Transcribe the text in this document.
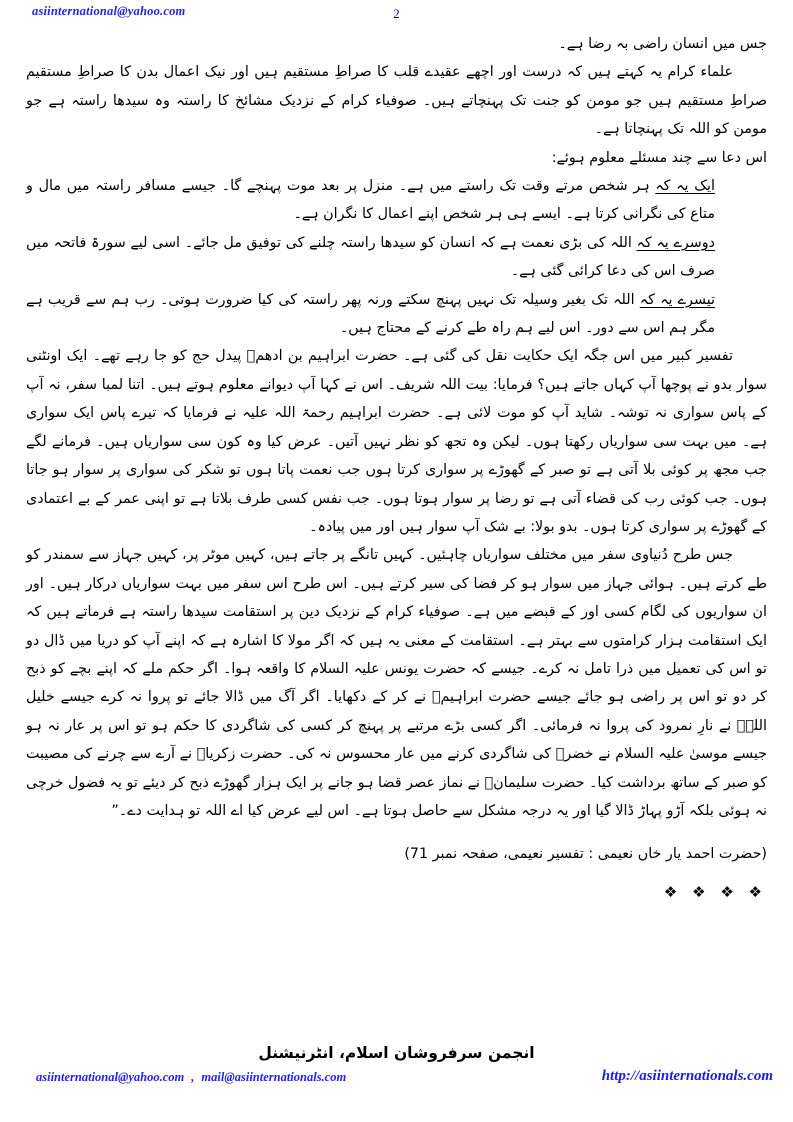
asiinternational@yahoo.com	2

جس میں انسان راضی بہ رضا ہے۔

علماء کرام یہ کہتے ہیں کہ درست اور اچھے عقیدے قلب کا صراطِ مستقیم ہیں اور نیک اعمال بدن کا صراطِ مستقیم صراطِ مستقیم ہیں جو مومن کو جنت تک پہنچاتے ہیں۔ صوفیاء کرام کے نزدیک مشائخ کا راستہ وہ سیدھا راستہ ہے جو مومن کو اللہ تک پہنچاتا ہے۔

اس دعا سے چند مسئلے معلوم ہوئے:

ایک یہ کہ ہر شخص مرتے وقت تک راستے میں ہے۔ منزل پر بعد موت پہنچے گا۔ جیسے مسافر راستہ میں مال و متاع کی نگرانی کرتا ہے۔ ایسے ہی ہر شخص اپنے اعمال کا نگران ہے۔

دوسرے یہ کہ اللہ کی بڑی نعمت ہے کہ انسان کو سیدھا راستہ چلنے کی توفیق مل جائے۔ اسی لیے سورۃ فاتحہ میں صرف اس کی دعا کرائی گئی ہے۔

تیسرے یہ کہ اللہ تک بغیر وسیلہ تک نہیں پہنچ سکتے ورنہ پھر راستہ کی کیا ضرورت ہوتی۔ رب ہم سے قریب ہے مگر ہم اس سے دور۔ اس لیے ہم راہ طے کرنے کے محتاج ہیں۔

تفسیر کبیر میں اس جگہ ایک حکایت نقل کی گئی ہے۔ حضرت ابراہیم بن ادھمؒ پیدل حج کو جا رہے تھے۔ ایک اونٹنی سوار بدو نے پوچھا آپ کہاں جاتے ہیں؟ فرمایا: بیت اللہ شریف۔ اس نے کہا آپ دیوانے معلوم ہوتے ہیں۔ اتنا لمبا سفر، نہ آپ کے پاس سواری نہ توشہ۔ شاید آپ کو موت لائی ہے۔ حضرت ابراہیم رحمۃ اللہ علیہ نے فرمایا کہ تیرے پاس ایک سواری ہے۔ میں بہت سی سواریاں رکھتا ہوں۔ لیکن وہ تجھ کو نظر نہیں آتیں۔ عرض کیا وہ کون سی سواریاں ہیں۔ فرمانے لگے جب مجھ پر کوئی بلا آتی ہے تو صبر کے گھوڑے پر سواری کرتا ہوں جب نعمت پاتا ہوں تو شکر کی سواری پر سوار ہو جاتا ہوں۔ جب کوئی رب کی قضاء آتی ہے تو رضا پر سوار ہوتا ہوں۔ جب نفس کسی طرف بلاتا ہے تو اپنی عمر کے بے اعتمادی کے گھوڑے پر سواری کرتا ہوں۔ بدو بولا: بے شک آپ سوار ہیں اور میں پیادہ۔

جس طرح دُنیاوی سفر میں مختلف سواریاں چاہئیں۔ کہیں تانگے پر جاتے ہیں، کہیں موٹر پر، کہیں جہاز سے سمندر کو طے کرتے ہیں۔ ہوائی جہاز میں سوار ہو کر فضا کی سیر کرتے ہیں۔ اس طرح اس سفر میں بہت سواریاں درکار ہیں۔ اور ان سواریوں کی لگام کسی اور کے قبضے میں ہے۔ صوفیاء کرام کے نزدیک دین پر استقامت سیدھا راستہ ہے فرماتے ہیں کہ ایک استقامت ہزار کرامتوں سے بہتر ہے۔ استقامت کے معنی یہ ہیں کہ اگر مولا کا اشارہ ہے کہ اپنے آپ کو دریا میں ڈال دو تو اس کی تعمیل میں ذرا تامل نہ کرے۔ جیسے کہ حضرت یونس علیہ السلام کا واقعہ ہوا۔ اگر حکم ملے کہ اپنے بچے کو ذبح کر دو تو اس پر راضی ہو جائے جیسے حضرت ابراہیمؑ نے کر کے دکھایا۔ اگر آگ میں ڈالا جائے تو پروا نہ کرے جیسے خلیل اللہؑ نے نارِ نمرود کی پروا نہ فرمائی۔ اگر کسی بڑے مرتبے پر پہنچ کر کسی کی شاگردی کا حکم ہو تو اس پر عار نہ ہو جیسے موسیٰ علیہ السلام نے خضرؑ کی شاگردی کرنے میں عار محسوس نہ کی۔ حضرت زکریاؑ نے آرے سے چرنے کی مصیبت کو صبر کے ساتھ برداشت کیا۔ حضرت سلیمانؑ نے نماز عصر قضا ہو جانے پر ایک ہزار گھوڑے ذبح کر دیئے تو یہ فضول خرچی نہ ہوئی بلکہ آڑو پہاڑ ڈالا گیا اور یہ درجہ مشکل سے حاصل ہوتا ہے۔ اس لیے عرض کیا اے اللہ تو ہدایت دے۔”

(حضرت احمد یار خاں نعیمی : تفسیر نعیمی، صفحہ نمبر 71)

❖ ❖ ❖ ❖
انجمن سرفروشان اسلام، انٹرنیشنل
asiinternational@yahoo.com , mail@asiinternationals.com	http://asiinternationals.com
